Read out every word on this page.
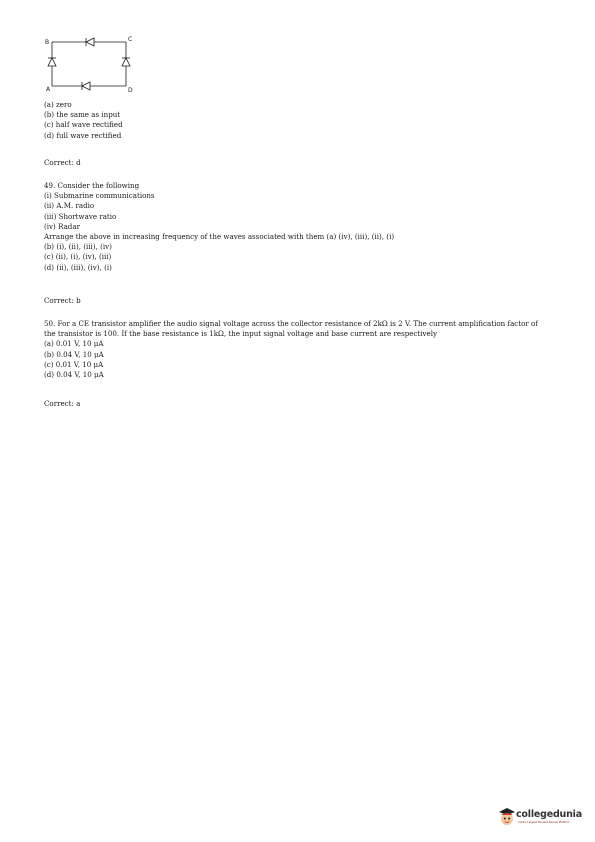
B	C
A	D
(a) zero
(b) the same as input
(c) half wave rectified
(d) full wave rectified
Correct: d
49. Consider the following
(i) Submarine communications
(ii) A.M. radio
(iii) Shortwave ratio
(iv) Radar
Arrange the above in increasing frequency of the waves associated with them (a) (iv), (iii), (ii), (i)
(b) (i), (ii), (iii), (iv)
(c) (ii), (i), (iv), (iii)
(d) (ii), (iii), (iv), (i)
Correct: b
50. For a CE transistor amplifier the audio signal voltage across the collector resistance of 2kΩ is 2 V. The current amplification factor of the transistor is 100. If the base resistance is 1kΩ, the input signal voltage and base current are respectively
(a) 0.01 V, 10 μA
(b) 0.04 V, 10 μA
(c) 0.01 V, 10 μA
(d) 0.04 V, 10 μA
Correct: a
collegedunia
India's Largest Student Review Platform
